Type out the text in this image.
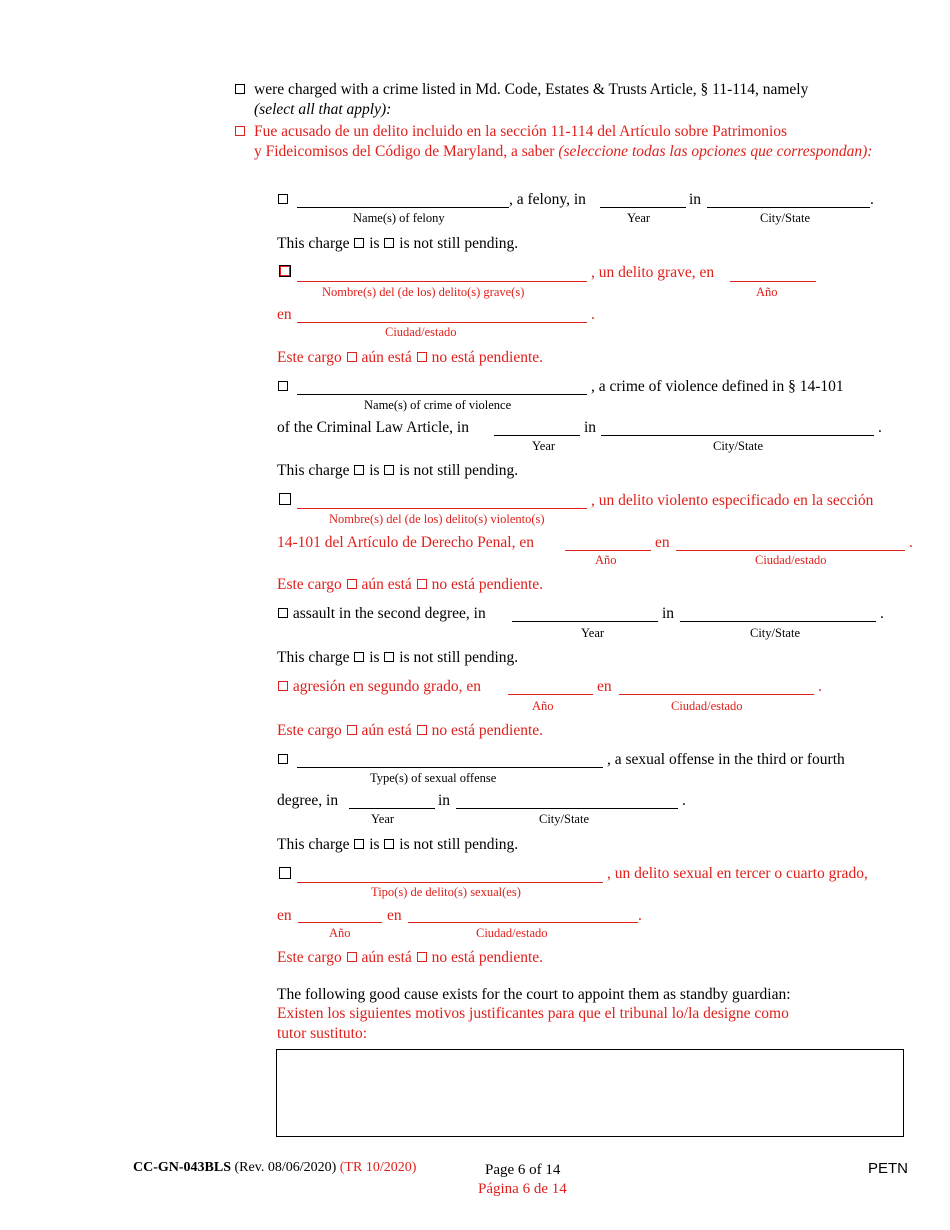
were charged with a crime listed in Md. Code, Estates & Trusts Article, § 11-114, namely
(select all that apply):
Fue acusado de un delito incluido en la sección 11-114 del Artículo sobre Patrimonios
y Fideicomisos del Código de Maryland, a saber (seleccione todas las opciones que correspondan):
, a felony, in	in	.
Name(s) of felony	Year	City/State
This charge is is not still pending.
, un delito grave, en
Nombre(s) del (de los) delito(s) grave(s)	Año
en	.
Ciudad/estado
Este cargo aún está no está pendiente.
, a crime of violence defined in § 14-101
Name(s) of crime of violence
of the Criminal Law Article, in	in	.
Year	City/State
This charge is is not still pending.
, un delito violento especificado en la sección
Nombre(s) del (de los) delito(s) violento(s)
14-101 del Artículo de Derecho Penal, en	en	.
Año	Ciudad/estado
Este cargo aún está no está pendiente.
assault in the second degree, in	in	.
Year	City/State
This charge is is not still pending.
agresión en segundo grado, en	en	.
Año	Ciudad/estado
Este cargo aún está no está pendiente.
, a sexual offense in the third or fourth
Type(s) of sexual offense
degree, in	in	.
Year	City/State
This charge is is not still pending.
, un delito sexual en tercer o cuarto grado,
Tipo(s) de delito(s) sexual(es)
en	en	.
Año	Ciudad/estado
Este cargo aún está no está pendiente.
The following good cause exists for the court to appoint them as standby guardian:
Existen los siguientes motivos justificantes para que el tribunal lo/la designe como
tutor sustituto:
CC-GN-043BLS (Rev. 08/06/2020) (TR 10/2020)	Page 6 of 14
Página 6 de 14
PETN
